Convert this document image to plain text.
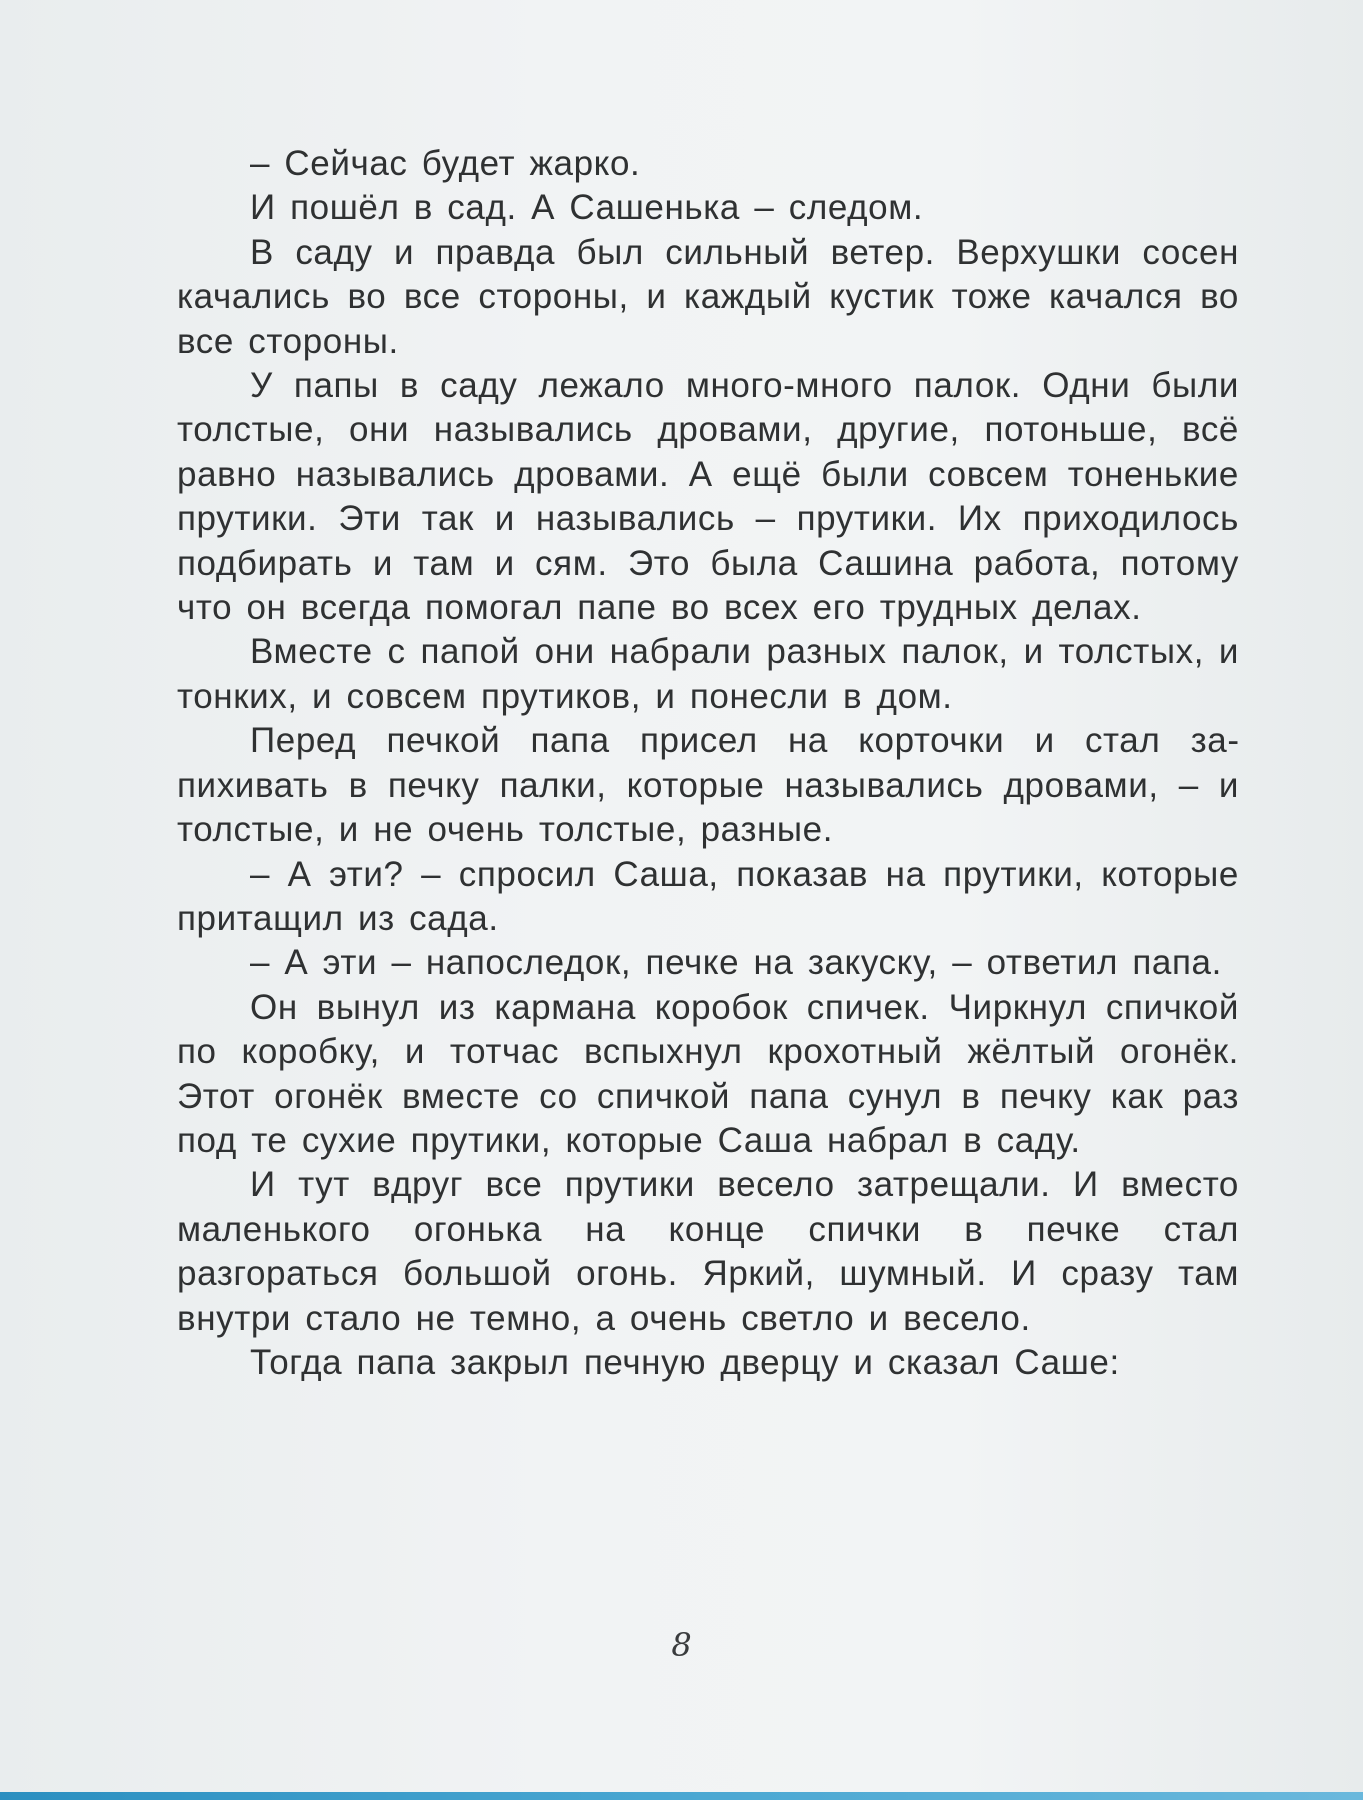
– Сейчас будет жарко.

И пошёл в сад. А Сашенька – следом.

В саду и правда был сильный ветер. Верхушки сосен качались во все стороны, и каждый кустик тоже качался во все стороны.

У папы в саду лежало много-много палок. Одни были толстые, они назывались дровами, другие, потоньше, всё равно назывались дровами. А ещё были совсем тоненькие прутики. Эти так и назывались – прутики. Их приходилось подбирать и там и сям. Это была Сашина работа, потому что он всегда помогал папе во всех его трудных делах.

Вместе с папой они набрали разных палок, и толстых, и тонких, и совсем прутиков, и понесли в дом.

Перед печкой папа присел на корточки и стал запихивать в печку палки, которые назывались дровами, – и толстые, и не очень толстые, разные.

– А эти? – спросил Саша, показав на прутики, которые притащил из сада.

– А эти – напоследок, печке на закуску, – ответил папа.

Он вынул из кармана коробок спичек. Чиркнул спичкой по коробку, и тотчас вспыхнул крохотный жёлтый огонёк. Этот огонёк вместе со спичкой папа сунул в печку как раз под те сухие прутики, которые Саша набрал в саду.

И тут вдруг все прутики весело затрещали. И вместо маленького огонька на конце спички в печке стал разгораться большой огонь. Яркий, шумный. И сразу там внутри стало не темно, а очень светло и весело.

Тогда папа закрыл печную дверцу и сказал Саше:

8
